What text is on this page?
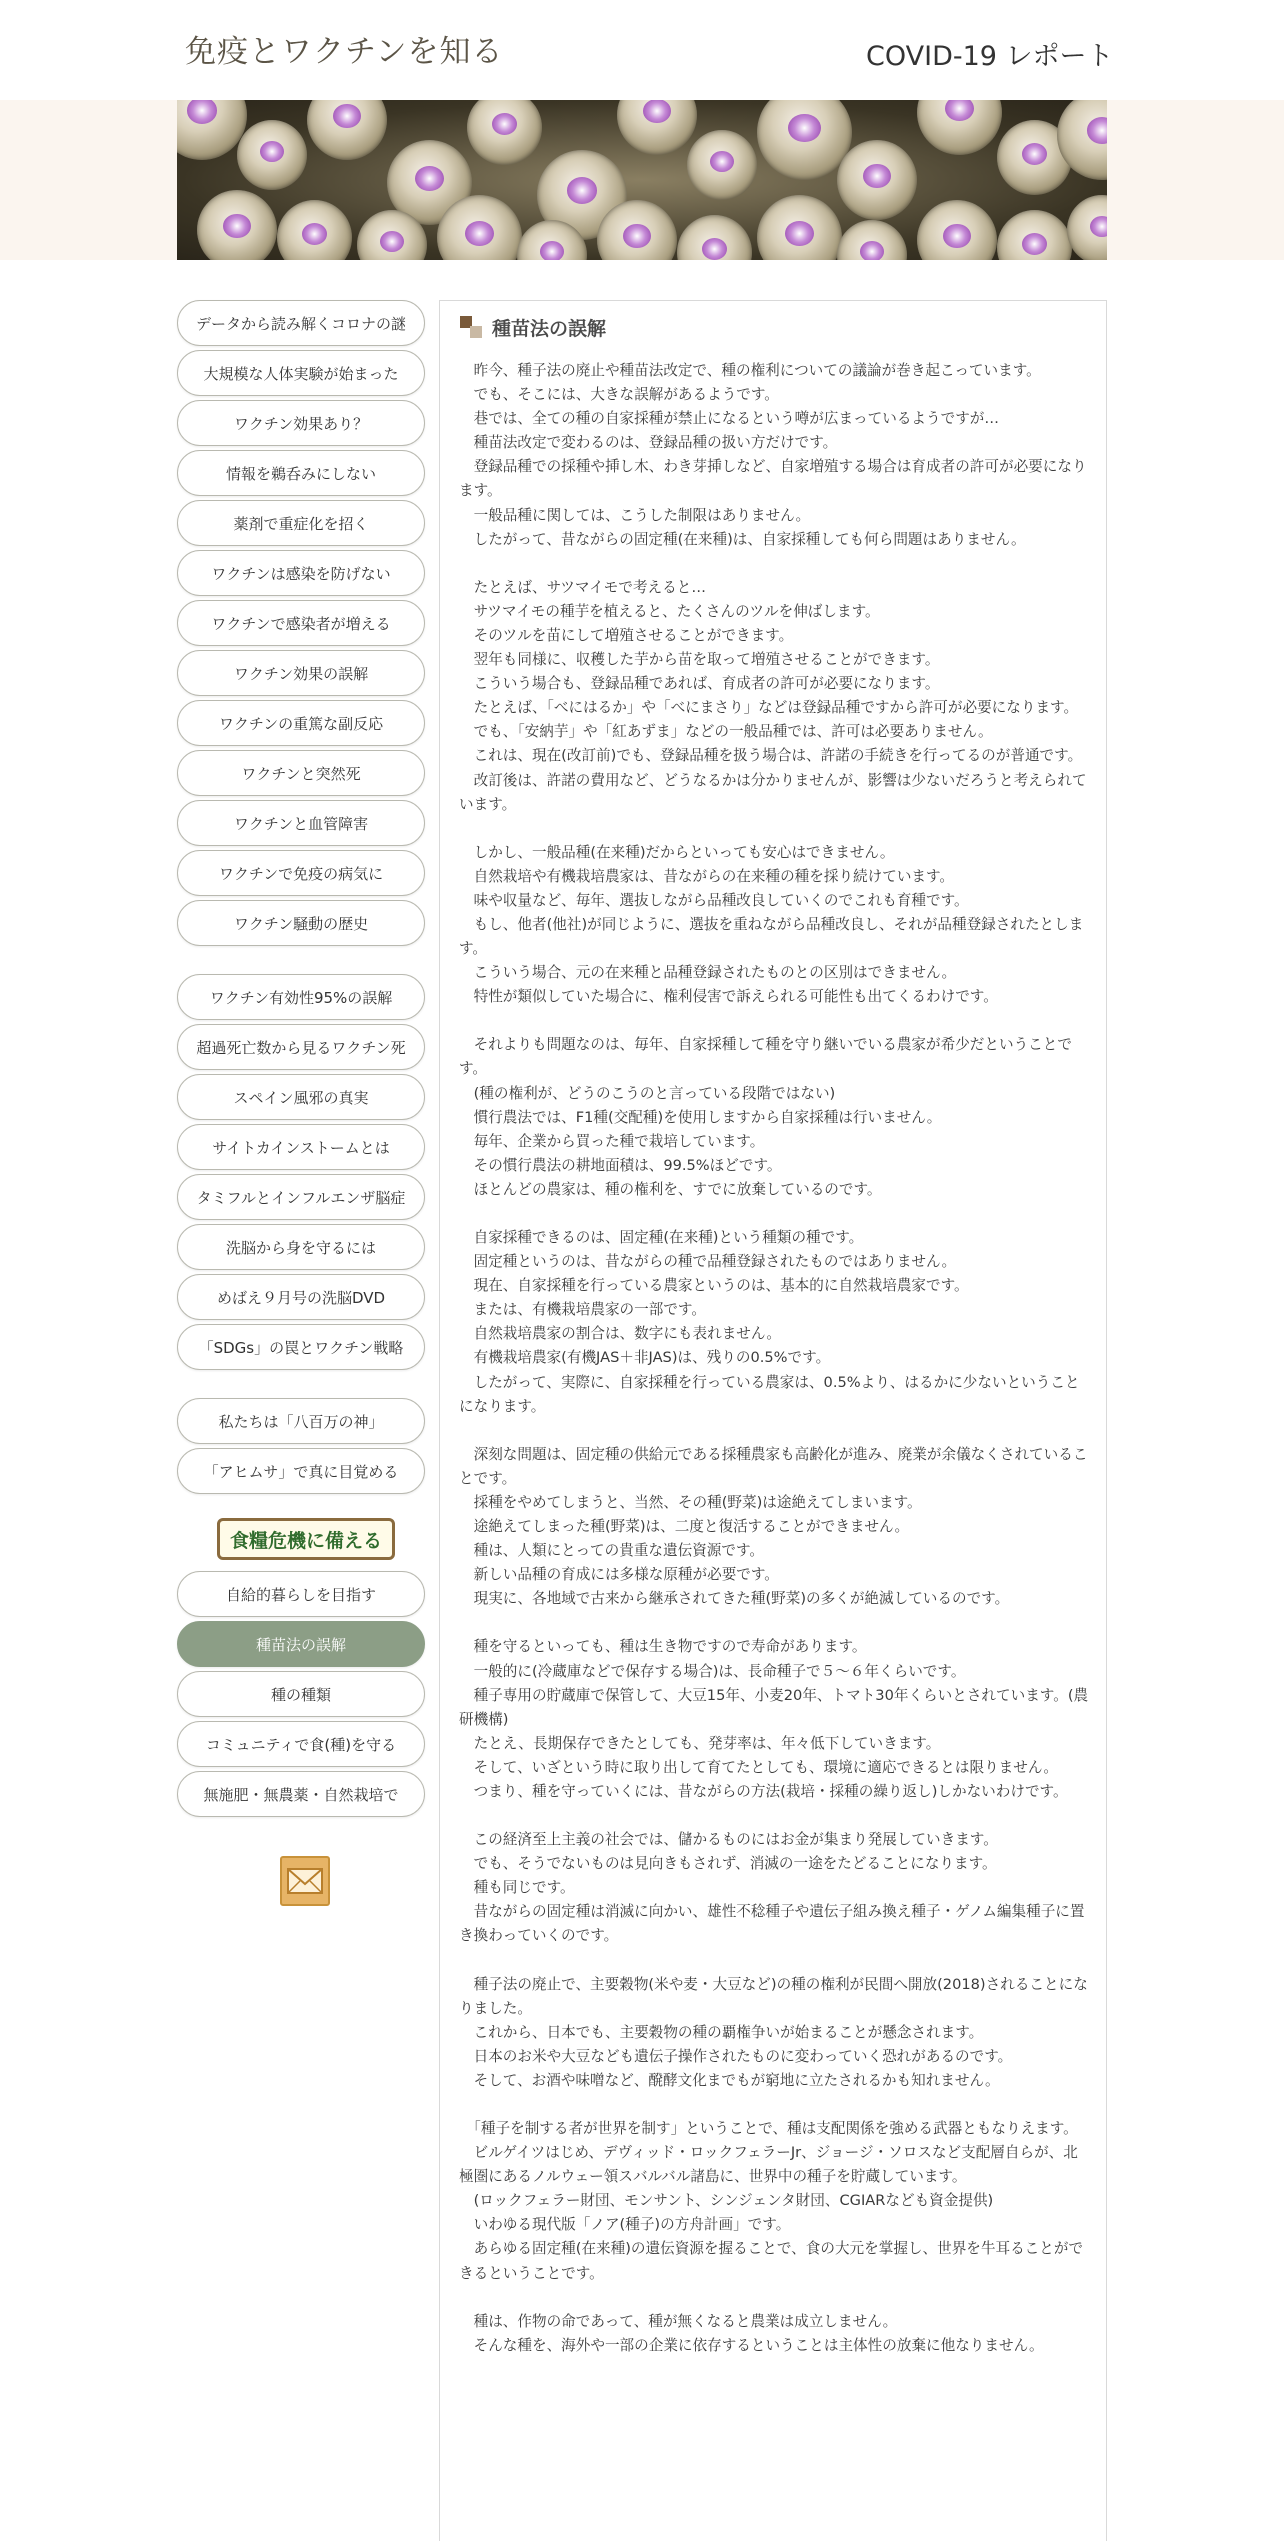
免疫とワクチンを知る	COVID-19 レポート
データから読み解くコロナの謎
大規模な人体実験が始まった
ワクチン効果あり？
情報を鵜呑みにしない
薬剤で重症化を招く
ワクチンは感染を防げない
ワクチンで感染者が増える
ワクチン効果の誤解
ワクチンの重篤な副反応
ワクチンと突然死
ワクチンと血管障害
ワクチンで免疫の病気に
ワクチン騒動の歴史
ワクチン有効性95%の誤解
超過死亡数から見るワクチン死
スペイン風邪の真実
サイトカインストームとは
タミフルとインフルエンザ脳症
洗脳から身を守るには
めばえ９月号の洗脳DVD
「SDGs」の罠とワクチン戦略
私たちは「八百万の神」
「アヒムサ」で真に目覚める
食糧危機に備える
自給的暮らしを目指す
種苗法の誤解
種の種類
コミュニティで食(種)を守る
無施肥・無農薬・自然栽培で
種苗法の誤解

　昨今、種子法の廃止や種苗法改定で、種の権利についての議論が巻き起こっています。
　でも、そこには、大きな誤解があるようです。
　巷では、全ての種の自家採種が禁止になるという噂が広まっているようですが…
　種苗法改定で変わるのは、登録品種の扱い方だけです。
　登録品種での採種や挿し木、わき芽挿しなど、自家増殖する場合は育成者の許可が必要になります。
　一般品種に関しては、こうした制限はありません。
　したがって、昔ながらの固定種(在来種)は、自家採種しても何ら問題はありません。

　たとえば、サツマイモで考えると…
　サツマイモの種芋を植えると、たくさんのツルを伸ばします。
　そのツルを苗にして増殖させることができます。
　翌年も同様に、収穫した芋から苗を取って増殖させることができます。
　こういう場合も、登録品種であれば、育成者の許可が必要になります。
　たとえば、「べにはるか」や「べにまさり」などは登録品種ですから許可が必要になります。
　でも、「安納芋」や「紅あずま」などの一般品種では、許可は必要ありません。
　これは、現在(改訂前)でも、登録品種を扱う場合は、許諾の手続きを行ってるのが普通です。
　改訂後は、許諾の費用など、どうなるかは分かりませんが、影響は少ないだろうと考えられています。

　しかし、一般品種(在来種)だからといっても安心はできません。
　自然栽培や有機栽培農家は、昔ながらの在来種の種を採り続けています。
　味や収量など、毎年、選抜しながら品種改良していくのでこれも育種です。
　もし、他者(他社)が同じように、選抜を重ねながら品種改良し、それが品種登録されたとします。
　こういう場合、元の在来種と品種登録されたものとの区別はできません。
　特性が類似していた場合に、権利侵害で訴えられる可能性も出てくるわけです。

　それよりも問題なのは、毎年、自家採種して種を守り継いでいる農家が希少だということです。
　(種の権利が、どうのこうのと言っている段階ではない)
　慣行農法では、F1種(交配種)を使用しますから自家採種は行いません。
　毎年、企業から買った種で栽培しています。
　その慣行農法の耕地面積は、99.5%ほどです。
　ほとんどの農家は、種の権利を、すでに放棄しているのです。

　自家採種できるのは、固定種(在来種)という種類の種です。
　固定種というのは、昔ながらの種で品種登録されたものではありません。
　現在、自家採種を行っている農家というのは、基本的に自然栽培農家です。
　または、有機栽培農家の一部です。
　自然栽培農家の割合は、数字にも表れません。
　有機栽培農家(有機JAS＋非JAS)は、残りの0.5%です。
　したがって、実際に、自家採種を行っている農家は、0.5%より、はるかに少ないということになります。

　深刻な問題は、固定種の供給元である採種農家も高齢化が進み、廃業が余儀なくされていることです。
　採種をやめてしまうと、当然、その種(野菜)は途絶えてしまいます。
　途絶えてしまった種(野菜)は、二度と復活することができません。
　種は、人類にとっての貴重な遺伝資源です。
　新しい品種の育成には多様な原種が必要です。
　現実に、各地域で古来から継承されてきた種(野菜)の多くが絶滅しているのです。

　種を守るといっても、種は生き物ですので寿命があります。
　一般的に(冷蔵庫などで保存する場合)は、長命種子で５～６年くらいです。
　種子専用の貯蔵庫で保管して、大豆15年、小麦20年、トマト30年くらいとされています。(農研機構)
　たとえ、長期保存できたとしても、発芽率は、年々低下していきます。
　そして、いざという時に取り出して育てたとしても、環境に適応できるとは限りません。
　つまり、種を守っていくには、昔ながらの方法(栽培・採種の繰り返し)しかないわけです。

　この経済至上主義の社会では、儲かるものにはお金が集まり発展していきます。
　でも、そうでないものは見向きもされず、消滅の一途をたどることになります。
　種も同じです。
　昔ながらの固定種は消滅に向かい、雄性不稔種子や遺伝子組み換え種子・ゲノム編集種子に置き換わっていくのです。

　種子法の廃止で、主要穀物(米や麦・大豆など)の種の権利が民間へ開放(2018)されることになりました。
　これから、日本でも、主要穀物の種の覇権争いが始まることが懸念されます。
　日本のお米や大豆なども遺伝子操作されたものに変わっていく恐れがあるのです。
　そして、お酒や味噌など、醗酵文化までもが窮地に立たされるかも知れません。

　「種子を制する者が世界を制す」ということで、種は支配関係を強める武器ともなりえます。
　ビルゲイツはじめ、デヴィッド・ロックフェラーJr、ジョージ・ソロスなど支配層自らが、北極圏にあるノルウェー領スバルバル諸島に、世界中の種子を貯蔵しています。
　(ロックフェラー財団、モンサント、シンジェンタ財団、CGIARなども資金提供)
　いわゆる現代版「ノア(種子)の方舟計画」です。
　あらゆる固定種(在来種)の遺伝資源を握ることで、食の大元を掌握し、世界を牛耳ることができるということです。

　種は、作物の命であって、種が無くなると農業は成立しません。
　そんな種を、海外や一部の企業に依存するということは主体性の放棄に他なりません。
